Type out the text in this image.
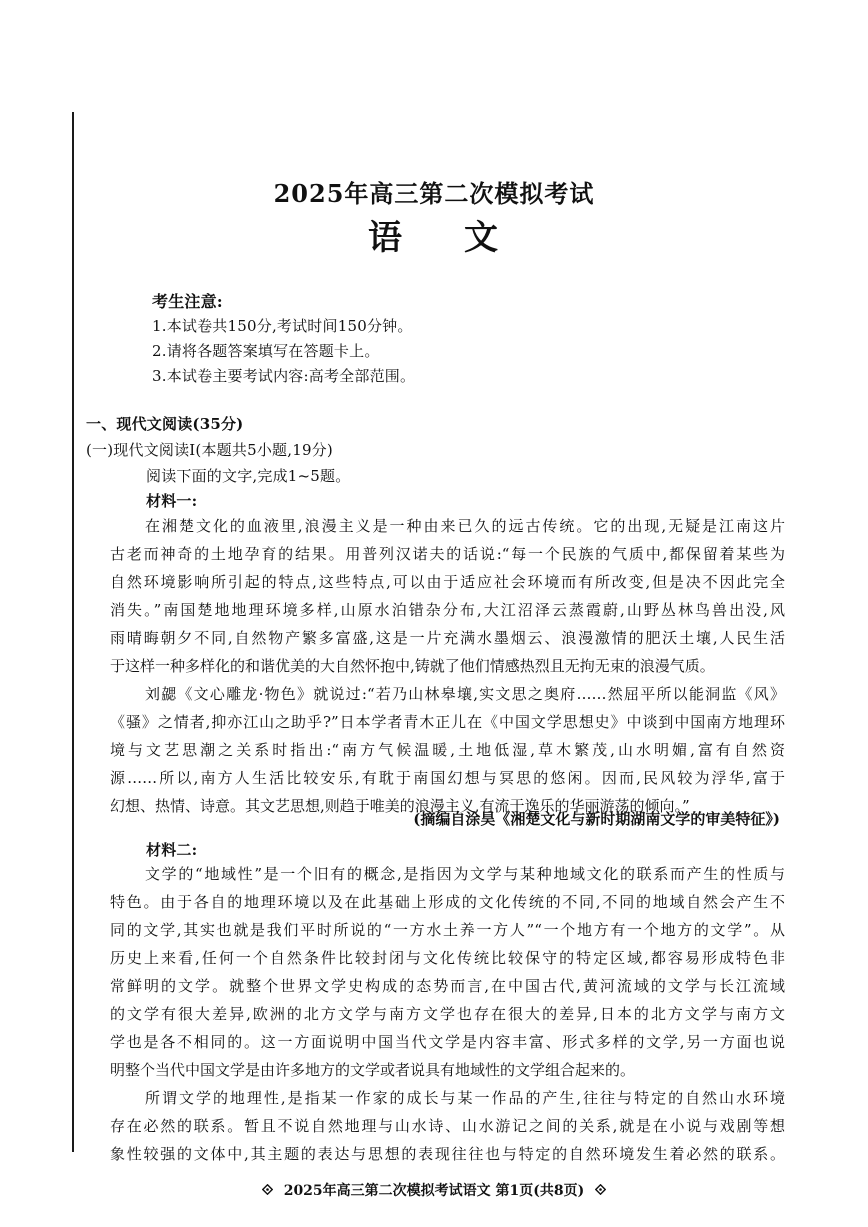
2025年高三第二次模拟考试
语文
考生注意:
1.本试卷共150分,考试时间150分钟。
2.请将各题答案填写在答题卡上。
3.本试卷主要考试内容:高考全部范围。
一、现代文阅读(35分)
(一)现代文阅读Ⅰ(本题共5小题,19分)
阅读下面的文字,完成1~5题。
材料一:
在湘楚文化的血液里,浪漫主义是一种由来已久的远古传统。它的出现,无疑是江南这片
古老而神奇的土地孕育的结果。用普列汉诺夫的话说:“每一个民族的气质中,都保留着某些为
自然环境影响所引起的特点,这些特点,可以由于适应社会环境而有所改变,但是决不因此完全
消失。”南国楚地地理环境多样,山原水泊错杂分布,大江沼泽云蒸霞蔚,山野丛林鸟兽出没,风
雨晴晦朝夕不同,自然物产繁多富盛,这是一片充满水墨烟云、浪漫激情的肥沃土壤,人民生活
于这样一种多样化的和谐优美的大自然怀抱中,铸就了他们情感热烈且无拘无束的浪漫气质。
刘勰《文心雕龙·物色》就说过:“若乃山林皋壤,实文思之奥府……然屈平所以能洞监《风》
《骚》之情者,抑亦江山之助乎?”日本学者青木正儿在《中国文学思想史》中谈到中国南方地理环
境与文艺思潮之关系时指出:“南方气候温暖,土地低湿,草木繁茂,山水明媚,富有自然资
源……所以,南方人生活比较安乐,有耽于南国幻想与冥思的悠闲。因而,民风较为浮华,富于
幻想、热情、诗意。其文艺思想,则趋于唯美的浪漫主义,有流于逸乐的华丽游荡的倾向。”
(摘编自涂昊《湘楚文化与新时期湖南文学的审美特征》)
材料二:
文学的“地域性”是一个旧有的概念,是指因为文学与某种地域文化的联系而产生的性质与
特色。由于各自的地理环境以及在此基础上形成的文化传统的不同,不同的地域自然会产生不
同的文学,其实也就是我们平时所说的“一方水土养一方人”“一个地方有一个地方的文学”。从
历史上来看,任何一个自然条件比较封闭与文化传统比较保守的特定区域,都容易形成特色非
常鲜明的文学。就整个世界文学史构成的态势而言,在中国古代,黄河流域的文学与长江流域
的文学有很大差异,欧洲的北方文学与南方文学也存在很大的差异,日本的北方文学与南方文
学也是各不相同的。这一方面说明中国当代文学是内容丰富、形式多样的文学,另一方面也说
明整个当代中国文学是由许多地方的文学或者说具有地域性的文学组合起来的。
所谓文学的地理性,是指某一作家的成长与某一作品的产生,往往与特定的自然山水环境
存在必然的联系。暂且不说自然地理与山水诗、山水游记之间的关系,就是在小说与戏剧等想
象性较强的文体中,其主题的表达与思想的表现往往也与特定的自然环境发生着必然的联系。
2025年高三第二次模拟考试语文 第1页(共8页)
